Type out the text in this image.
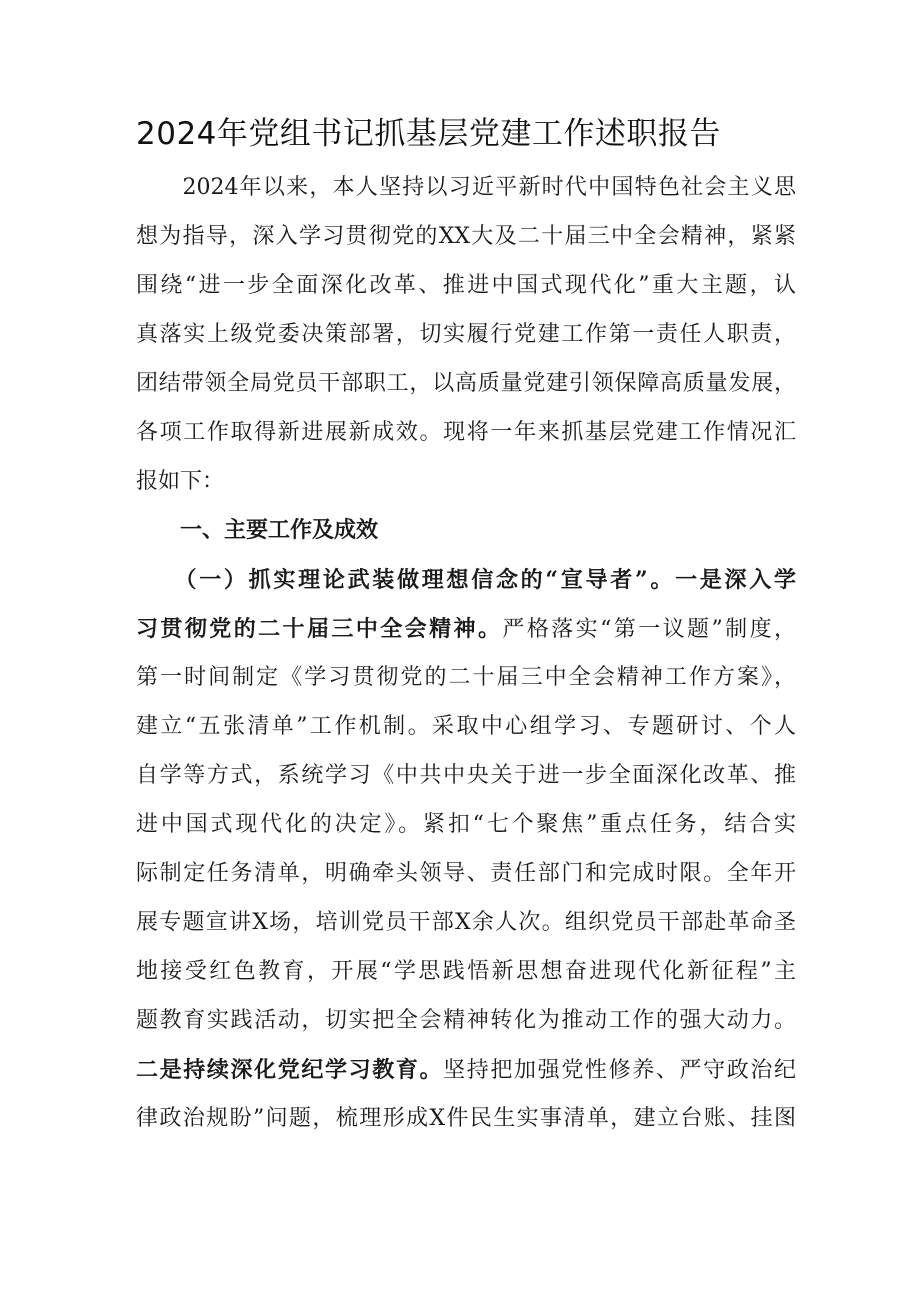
2024年党组书记抓基层党建工作述职报告
　　2024年以来，本人坚持以习近平新时代中国特色社会主义思
想为指导，深入学习贯彻党的XX大及二十届三中全会精神，紧紧
围绕“进一步全面深化改革、推进中国式现代化”重大主题，认
真落实上级党委决策部署，切实履行党建工作第一责任人职责，
团结带领全局党员干部职工，以高质量党建引领保障高质量发展，
各项工作取得新进展新成效。现将一年来抓基层党建工作情况汇
报如下：
　　一、主要工作及成效
　　（一）抓实理论武装做理想信念的“宣导者”。一是深入学
习贯彻党的二十届三中全会精神。严格落实“第一议题”制度，
第一时间制定《学习贯彻党的二十届三中全会精神工作方案》，
建立“五张清单”工作机制。采取中心组学习、专题研讨、个人
自学等方式，系统学习《中共中央关于进一步全面深化改革、推
进中国式现代化的决定》。紧扣“七个聚焦”重点任务，结合实
际制定任务清单，明确牵头领导、责任部门和完成时限。全年开
展专题宣讲X场，培训党员干部X余人次。组织党员干部赴革命圣
地接受红色教育，开展“学思践悟新思想奋进现代化新征程”主
题教育实践活动，切实把全会精神转化为推动工作的强大动力。
二是持续深化党纪学习教育。坚持把加强党性修养、严守政治纪
律政治规盼”问题，梳理形成X件民生实事清单，建立台账、挂图
